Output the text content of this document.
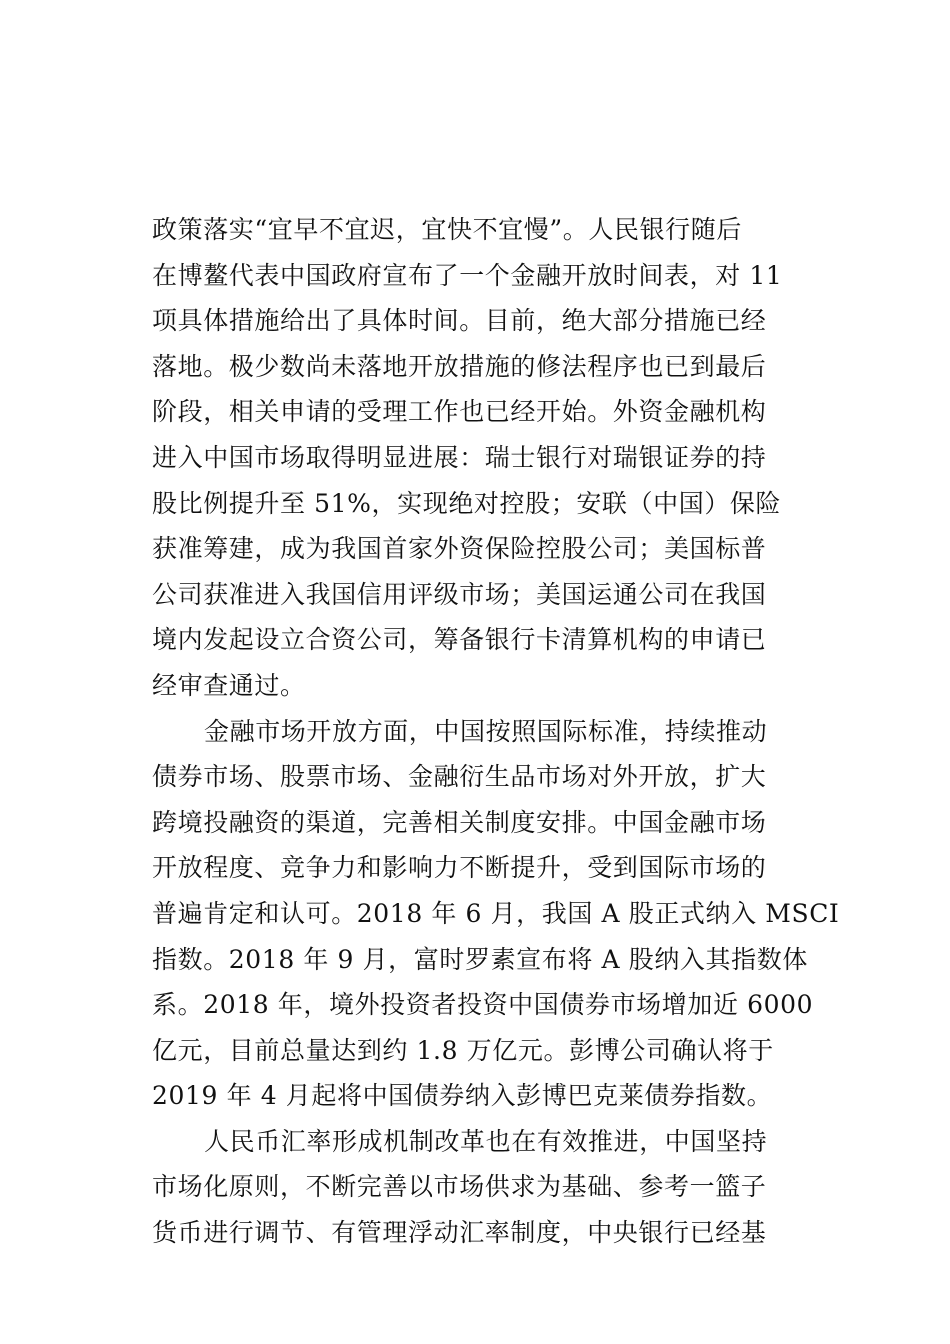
政策落实“宜早不宜迟，宜快不宜慢”。人民银行随后
在博鳌代表中国政府宣布了一个金融开放时间表，对 11
项具体措施给出了具体时间。目前，绝大部分措施已经
落地。极少数尚未落地开放措施的修法程序也已到最后
阶段，相关申请的受理工作也已经开始。外资金融机构
进入中国市场取得明显进展：瑞士银行对瑞银证券的持
股比例提升至 51%，实现绝对控股；安联（中国）保险
获准筹建，成为我国首家外资保险控股公司；美国标普
公司获准进入我国信用评级市场；美国运通公司在我国
境内发起设立合资公司，筹备银行卡清算机构的申请已
经审查通过。
金融市场开放方面，中国按照国际标准，持续推动
债券市场、股票市场、金融衍生品市场对外开放，扩大
跨境投融资的渠道，完善相关制度安排。中国金融市场
开放程度、竞争力和影响力不断提升，受到国际市场的
普遍肯定和认可。2018 年 6 月，我国 A 股正式纳入 MSCI
指数。2018 年 9 月，富时罗素宣布将 A 股纳入其指数体
系。2018 年，境外投资者投资中国债券市场增加近 6000
亿元，目前总量达到约 1.8 万亿元。彭博公司确认将于
2019 年 4 月起将中国债券纳入彭博巴克莱债券指数。
人民币汇率形成机制改革也在有效推进，中国坚持
市场化原则，不断完善以市场供求为基础、参考一篮子
货币进行调节、有管理浮动汇率制度，中央银行已经基
